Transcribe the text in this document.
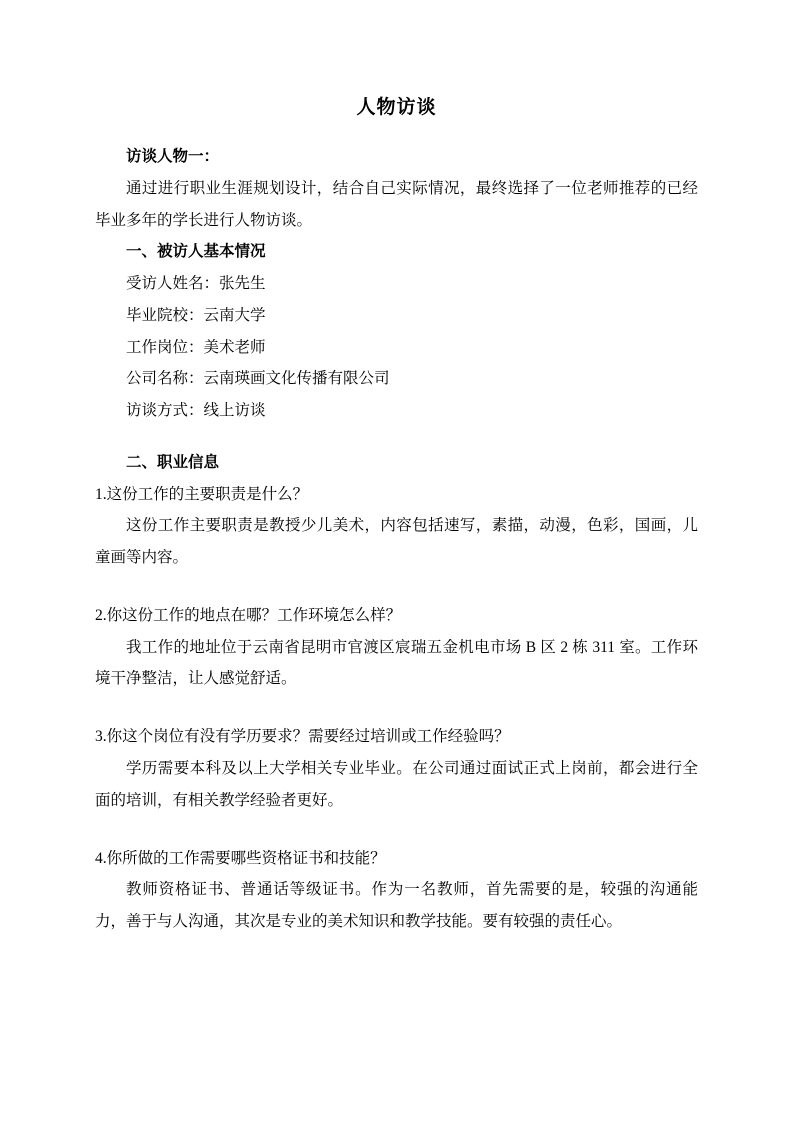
人物访谈

访谈人物一：

通过进行职业生涯规划设计，结合自己实际情况，最终选择了一位老师推荐的已经毕业多年的学长进行人物访谈。

一、被访人基本情况

受访人姓名：张先生

毕业院校：云南大学

工作岗位：美术老师

公司名称：云南瑛画文化传播有限公司

访谈方式：线上访谈

二、职业信息

1.这份工作的主要职责是什么？

这份工作主要职责是教授少儿美术，内容包括速写，素描，动漫，色彩，国画，儿童画等内容。

2.你这份工作的地点在哪？工作环境怎么样？

我工作的地址位于云南省昆明市官渡区宸瑞五金机电市场 B 区 2 栋 311 室。工作环境干净整洁，让人感觉舒适。

3.你这个岗位有没有学历要求？需要经过培训或工作经验吗？

学历需要本科及以上大学相关专业毕业。在公司通过面试正式上岗前，都会进行全面的培训，有相关教学经验者更好。

4.你所做的工作需要哪些资格证书和技能？

教师资格证书、普通话等级证书。作为一名教师，首先需要的是，较强的沟通能力，善于与人沟通，其次是专业的美术知识和教学技能。要有较强的责任心。
